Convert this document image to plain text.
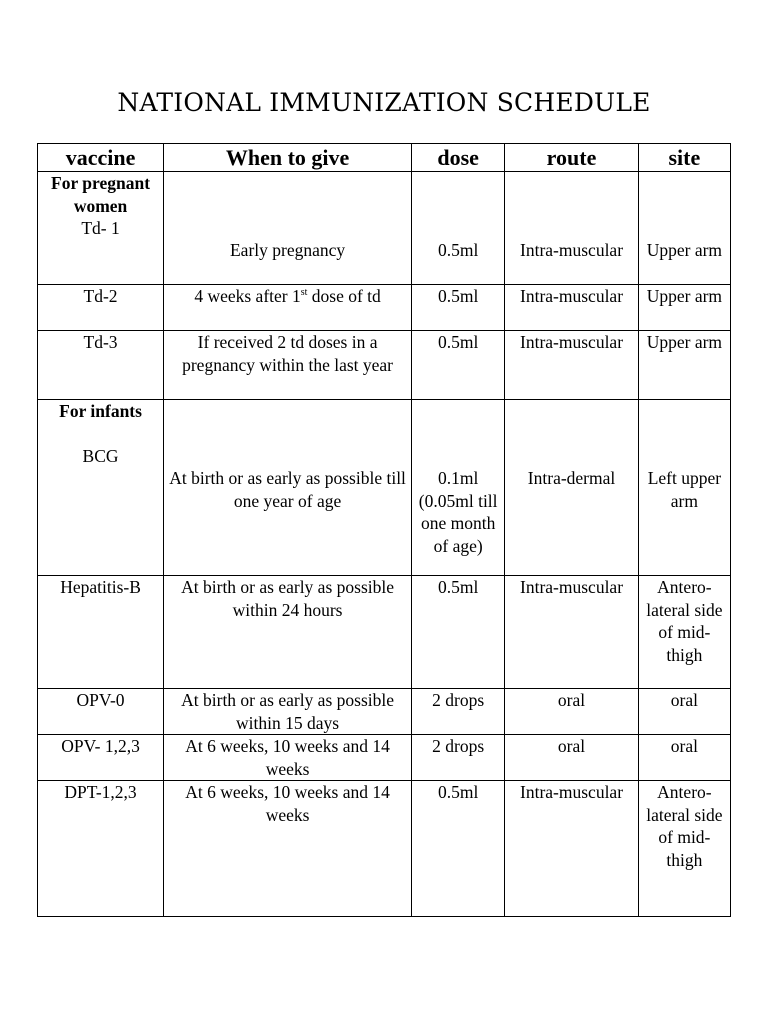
NATIONAL IMMUNIZATION SCHEDULE
vaccine	When to give	dose	route	site

For pregnant women
Td- 1	Early pregnancy	0.5ml	Intra-muscular	Upper arm
Td-2	4 weeks after 1st dose of td	0.5ml	Intra-muscular	Upper arm
Td-3	If received 2 td doses in a pregnancy within the last year	0.5ml	Intra-muscular	Upper arm

For infants
BCG	At birth or as early as possible till one year of age	0.1ml (0.05ml till one month of age)	Intra-dermal	Left upper arm
Hepatitis-B	At birth or as early as possible within 24 hours	0.5ml	Intra-muscular	Antero-lateral side of mid-thigh
OPV-0	At birth or as early as possible within 15 days	2 drops	oral	oral
OPV- 1,2,3	At 6 weeks, 10 weeks and 14 weeks	2 drops	oral	oral
DPT-1,2,3	At 6 weeks, 10 weeks and 14 weeks	0.5ml	Intra-muscular	Antero-lateral side of mid-thigh
